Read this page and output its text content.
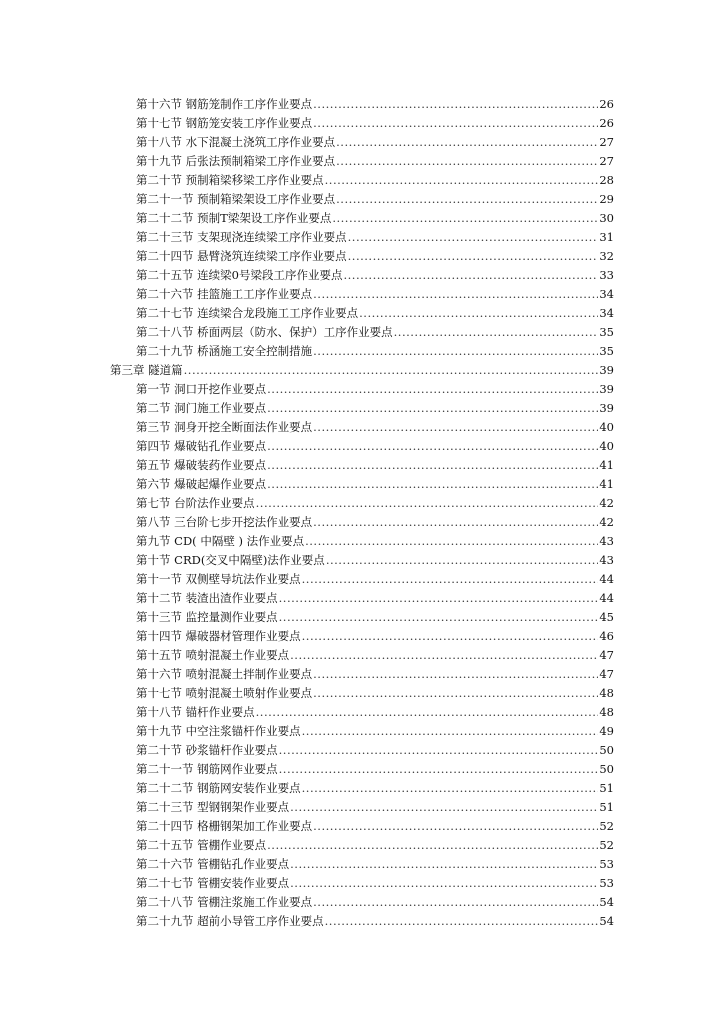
第十六节 钢筋笼制作工序作业要点 .....	26
第十七节 钢筋笼安装工序作业要点 .....	26
第十八节 水下混凝土浇筑工序作业要点 .....	27
第十九节 后张法预制箱梁工序作业要点 .....	27
第二十节 预制箱梁移梁工序作业要点 .....	28
第二十一节 预制箱梁架设工序作业要点 .....	29
第二十二节 预制T梁架设工序作业要点 .....	30
第二十三节 支架现浇连续梁工序作业要点 .....	31
第二十四节 悬臂浇筑连续梁工序作业要点 .....	32
第二十五节 连续梁0号梁段工序作业要点 .....	33
第二十六节 挂篮施工工序作业要点 .....	34
第二十七节 连续梁合龙段施工工序作业要点 .....	34
第二十八节 桥面两层（防水、保护）工序作业要点 .....	35
第二十九节 桥涵施工安全控制措施 .....	35
第三章 隧道篇 .....	39
第一节 洞口开挖作业要点 .....	39
第二节 洞门施工作业要点 .....	39
第三节 洞身开挖全断面法作业要点 .....	40
第四节 爆破钻孔作业要点 .....	40
第五节 爆破装药作业要点 .....	41
第六节 爆破起爆作业要点 .....	41
第七节 台阶法作业要点 .....	42
第八节 三台阶七步开挖法作业要点 .....	42
第九节 CD( 中隔壁 ) 法作业要点 .....	43
第十节 CRD(交叉中隔壁)法作业要点 .....	43
第十一节 双侧壁导坑法作业要点 .....	44
第十二节 装渣出渣作业要点 .....	44
第十三节 监控量测作业要点 .....	45
第十四节 爆破器材管理作业要点 .....	46
第十五节 喷射混凝土作业要点 .....	47
第十六节 喷射混凝土拌制作业要点 .....	47
第十七节 喷射混凝土喷射作业要点 .....	48
第十八节 锚杆作业要点 .....	48
第十九节 中空注浆锚杆作业要点 .....	49
第二十节 砂浆锚杆作业要点 .....	50
第二十一节 钢筋网作业要点 .....	50
第二十二节 钢筋网安装作业要点 .....	51
第二十三节 型钢钢架作业要点 .....	51
第二十四节 格栅钢架加工作业要点 .....	52
第二十五节 管棚作业要点 .....	52
第二十六节 管棚钻孔作业要点 .....	53
第二十七节 管棚安装作业要点 .....	53
第二十八节 管棚注浆施工作业要点 .....	54
第二十九节 超前小导管工序作业要点 .....	54
